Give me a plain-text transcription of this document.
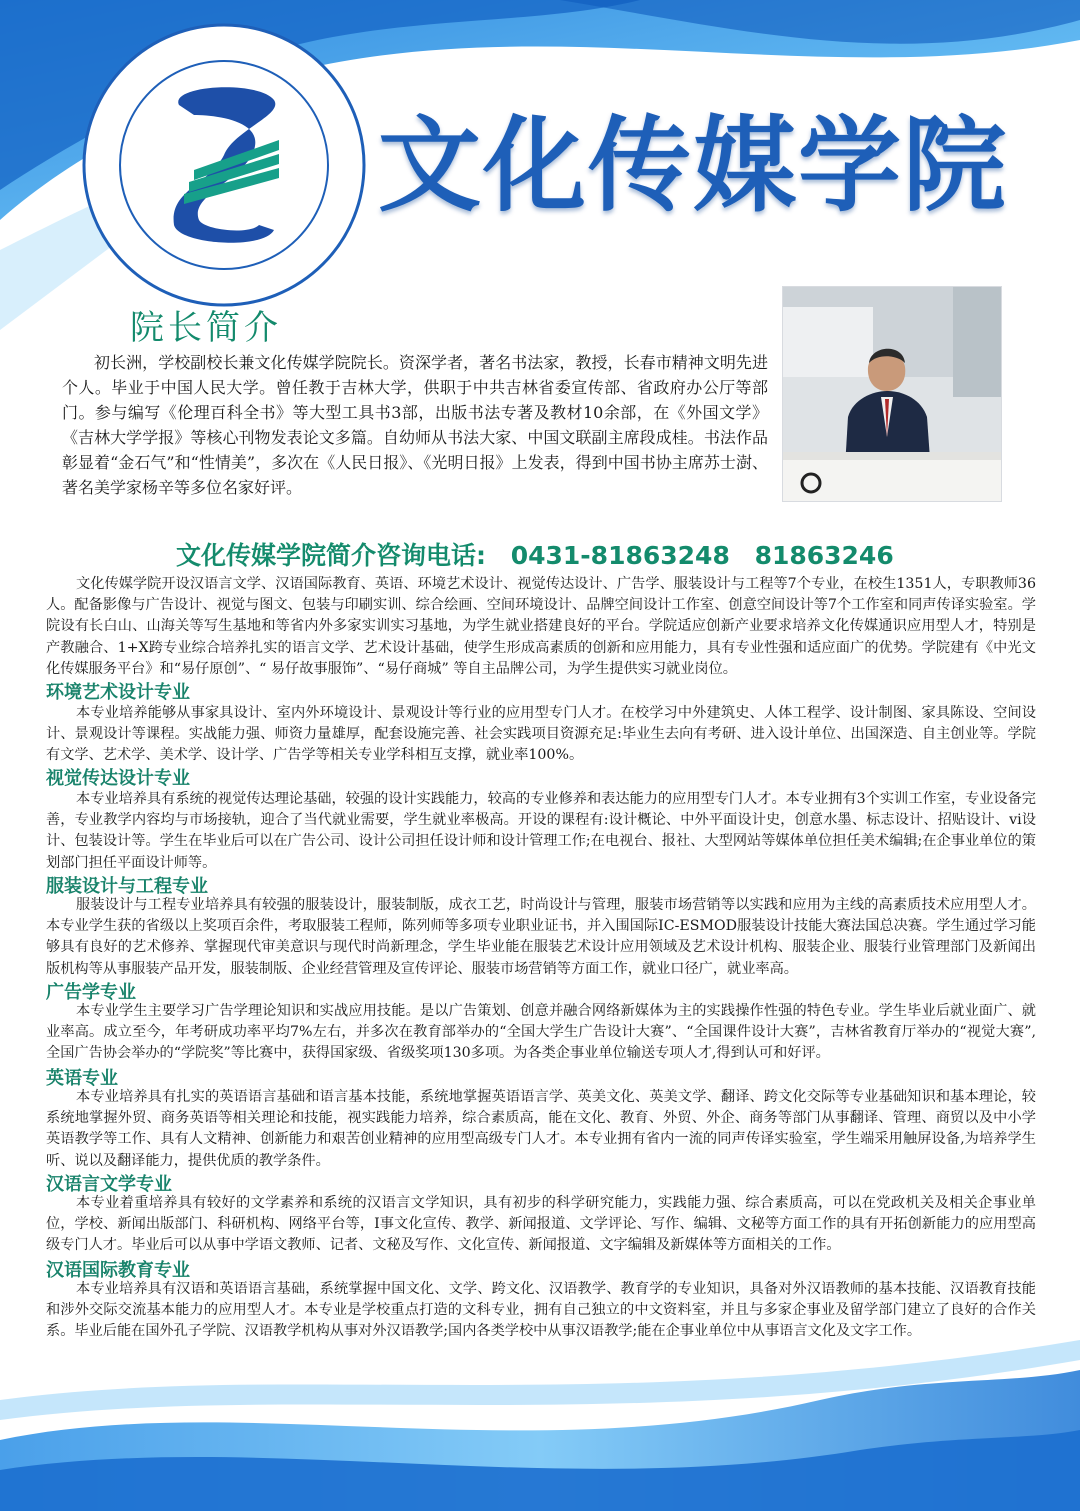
文化传媒学院
院长简介
初长洲，学校副校长兼文化传媒学院院长。资深学者，著名书法家，教授，长春市精神文明先进个人。毕业于中国人民大学。曾任教于吉林大学，供职于中共吉林省委宣传部、省政府办公厅等部门。参与编写《伦理百科全书》等大型工具书3部，出版书法专著及教材10余部，在《外国文学》《吉林大学学报》等核心刊物发表论文多篇。自幼师从书法大家、中国文联副主席段成桂。书法作品彰显着“金石气”和“性情美”，多次在《人民日报》、《光明日报》上发表，得到中国书协主席苏士澍、著名美学家杨辛等多位名家好评。
文化传媒学院简介咨询电话: 0431-81863248 81863246
文化传媒学院开设汉语言文学、汉语国际教育、英语、环境艺术设计、视觉传达设计、广告学、服装设计与工程等7个专业，在校生1351人，专职教师36人。配备影像与广告设计、视觉与图文、包装与印刷实训、综合绘画、空间环境设计、品牌空间设计工作室、创意空间设计等7个工作室和同声传译实验室。学院设有长白山、山海关等写生基地和等省内外多家实训实习基地，为学生就业搭建良好的平台。学院适应创新产业要求培养文化传媒通识应用型人才，特别是产教融合、1+X跨专业综合培养扎实的语言文学、艺术设计基础，使学生形成高素质的创新和应用能力，具有专业性强和适应面广的优势。学院建有《中光文化传媒服务平台》和“易仔原创”、“ 易仔故事服饰”、“易仔商城” 等自主品牌公司，为学生提供实习就业岗位。
环境艺术设计专业
本专业培养能够从事家具设计、室内外环境设计、景观设计等行业的应用型专门人才。在校学习中外建筑史、人体工程学、设计制图、家具陈设、空间设计、景观设计等课程。实战能力强、师资力量雄厚，配套设施完善、社会实践项目资源充足:毕业生去向有考研、进入设计单位、出国深造、自主创业等。学院有文学、艺术学、美术学、设计学、广告学等相关专业学科相互支撑，就业率100%。
视觉传达设计专业
本专业培养具有系统的视觉传达理论基础，较强的设计实践能力，较高的专业修养和表达能力的应用型专门人才。本专业拥有3个实训工作室，专业设备完善，专业教学内容均与市场接轨，迎合了当代就业需要，学生就业率极高。开设的课程有:设计概论、中外平面设计史，创意水墨、标志设计、招贴设计、vi设计、包装设计等。学生在毕业后可以在广告公司、设计公司担任设计师和设计管理工作;在电视台、报社、大型网站等媒体单位担任美术编辑;在企事业单位的策划部门担任平面设计师等。
服装设计与工程专业
服装设计与工程专业培养具有较强的服装设计，服装制版，成衣工艺，时尚设计与管理，服装市场营销等以实践和应用为主线的高素质技术应用型人才。本专业学生获的省级以上奖项百余件，考取服装工程师，陈列师等多项专业职业证书，并入围国际IC-ESMOD服装设计技能大赛法国总决赛。学生通过学习能够具有良好的艺术修养、掌握现代审美意识与现代时尚新理念，学生毕业能在服装艺术设计应用领域及艺术设计机构、服装企业、服装行业管理部门及新闻出版机构等从事服装产品开发，服装制版、企业经营管理及宣传评论、服装市场营销等方面工作，就业口径广，就业率高。
广告学专业
本专业学生主要学习广告学理论知识和实战应用技能。是以广告策划、创意并融合网络新媒体为主的实践操作性强的特色专业。学生毕业后就业面广、就业率高。成立至今，年考研成功率平均7%左右，并多次在教育部举办的“全国大学生广告设计大赛”、“全国课件设计大赛”，吉林省教育厅举办的“视觉大赛”,全国广告协会举办的“学院奖”等比赛中，获得国家级、省级奖项130多项。为各类企事业单位输送专项人才,得到认可和好评。
英语专业
本专业培养具有扎实的英语语言基础和语言基本技能，系统地掌握英语语言学、英美文化、英美文学、翻译、跨文化交际等专业基础知识和基本理论，较系统地掌握外贸、商务英语等相关理论和技能，视实践能力培养，综合素质高，能在文化、教育、外贸、外企、商务等部门从事翻译、管理、商贸以及中小学英语教学等工作、具有人文精神、创新能力和艰苦创业精神的应用型高级专门人才。本专业拥有省内一流的同声传译实验室，学生端采用触屏设备,为培养学生听、说以及翻译能力，提供优质的教学条件。
汉语言文学专业
本专业着重培养具有较好的文学素养和系统的汉语言文学知识，具有初步的科学研究能力，实践能力强、综合素质高，可以在党政机关及相关企事业单位，学校、新闻出版部门、科研机构、网络平台等，I事文化宣传、教学、新闻报道、文学评论、写作、编辑、文秘等方面工作的具有开拓创新能力的应用型高级专门人才。毕业后可以从事中学语文教师、记者、文秘及写作、文化宣传、新闻报道、文字编辑及新媒体等方面相关的工作。
汉语国际教育专业
本专业培养具有汉语和英语语言基础，系统掌握中国文化、文学、跨文化、汉语教学、教育学的专业知识，具备对外汉语教师的基本技能、汉语教育技能和涉外交际交流基本能力的应用型人才。本专业是学校重点打造的文科专业，拥有自己独立的中文资料室，并且与多家企事业及留学部门建立了良好的合作关系。毕业后能在国外孔子学院、汉语教学机构从事对外汉语教学;国内各类学校中从事汉语教学;能在企事业单位中从事语言文化及文字工作。
